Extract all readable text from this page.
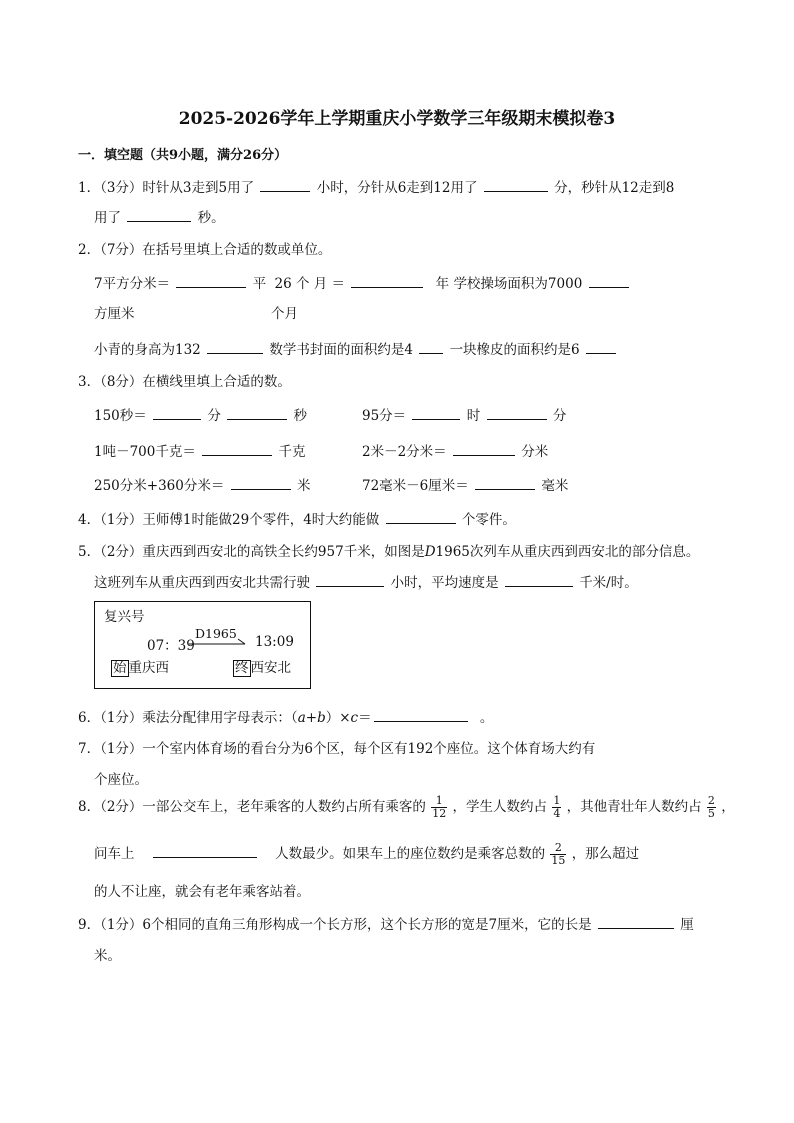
2025-2026学年上学期重庆小学数学三年级期末模拟卷3
一．填空题（共9小题，满分26分）
1．（3分）时针从3走到5用了	小时，分针从6走到12用了	分，秒针从12走到8
用了	秒。
2．（7分）在括号里填上合适的数或单位。
7平方分米＝	平 26 个 月 ＝	年 学校操场面积为7000
方厘米	个月
小青的身高为132	数学书封面的面积约是4	一块橡皮的面积约是6
3．（8分）在横线里填上合适的数。
150秒＝	分	秒	95分＝	时	分
1吨－700千克＝	千克	2米－2分米＝	分米
250分米+360分米＝	米	72毫米－6厘米＝	毫米
4．（1分）王师傅1时能做29个零件，4时大约能做	个零件。
5．（2分）重庆西到西安北的高铁全长约957千米，如图是D1965次列车从重庆西到西安北的部分信息。
这班列车从重庆西到西安北共需行驶	小时，平均速度是	千米/时。
复兴号
07：39
D1965
13:09
始 重庆西	终 西安北
6．（1分）乘法分配律用字母表示：（a+b）×c＝	。
7．（1分）一个室内体育场的看台分为6个区，每个区有192个座位。这个体育场大约有
个座位。
8．（2分）一部公交车上，老年乘客的人数约占所有乘客的 $\frac{1}{12}$ ，学生人数约占 $\frac{1}{4}$ ，其他青壮年人数约占 $\frac{2}{5}$ ，
问车上	人数最少。如果车上的座位数约是乘客总数的 $\frac{2}{15}$ ，那么超过
的人不让座，就会有老年乘客站着。
9．（1分）6个相同的直角三角形构成一个长方形，这个长方形的宽是7厘米，它的长是	厘
米。
